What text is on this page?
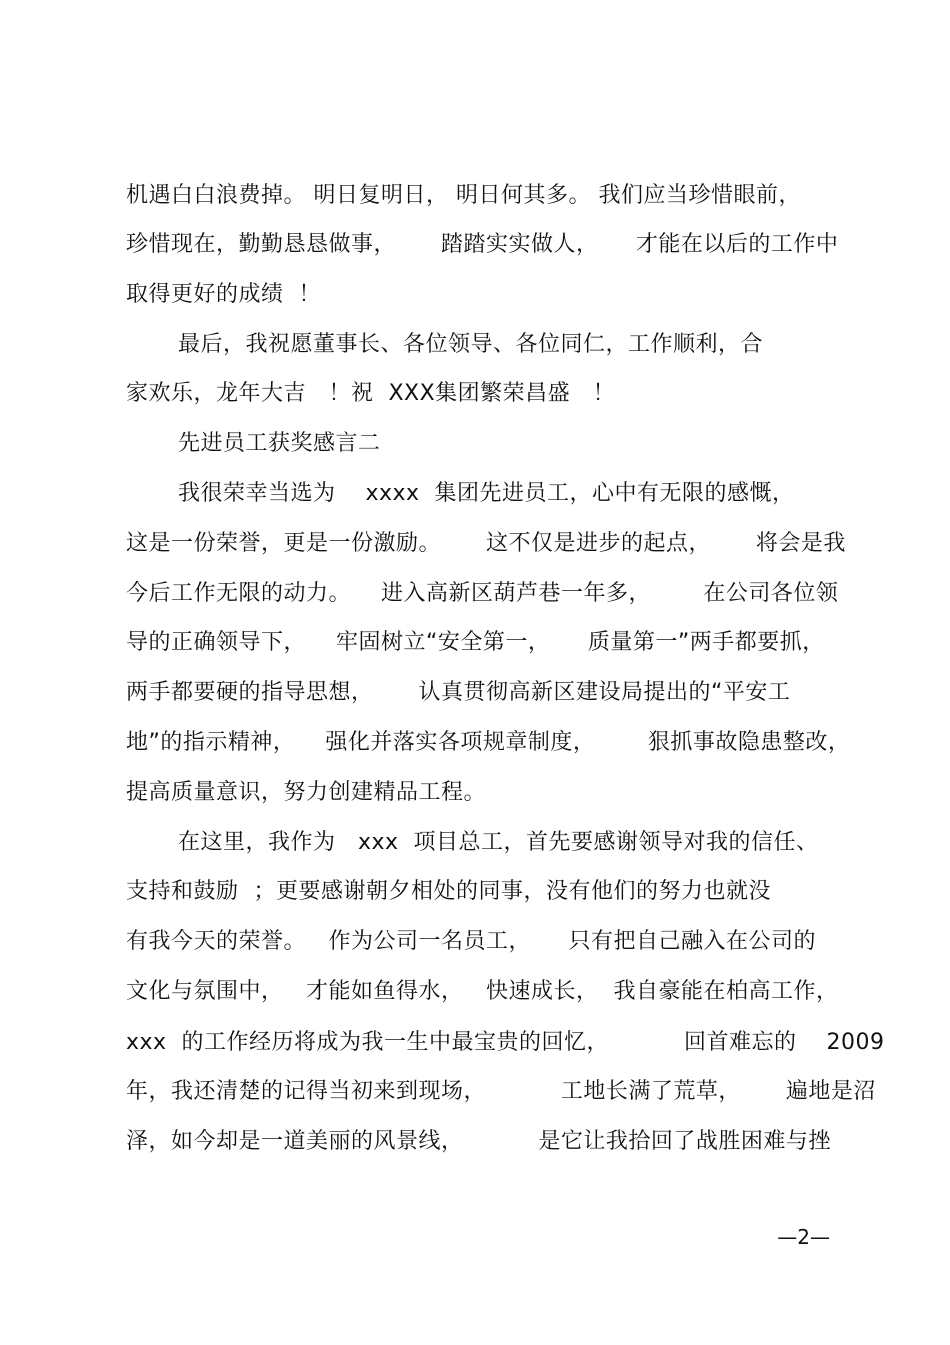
机遇白白浪费掉。 明日复明日， 明日何其多。 我们应当珍惜眼前，
珍惜现在，勤勤恳恳做事，      踏踏实实做人，     才能在以后的工作中
取得更好的成绩  ！
最后，我祝愿董事长、各位领导、各位同仁，工作顺利，合
家欢乐，龙年大吉   ！祝  XXX集团繁荣昌盛   ！
先进员工获奖感言二
我很荣幸当选为    xxxx  集团先进员工，心中有无限的感慨，
这是一份荣誉，更是一份激励。      这不仅是进步的起点，      将会是我
今后工作无限的动力。    进入高新区葫芦巷一年多，       在公司各位领
导的正确领导下，    牢固树立“安全第一，     质量第一”两手都要抓，
两手都要硬的指导思想，      认真贯彻高新区建设局提出的“平安工
地”的指示精神，    强化并落实各项规章制度，       狠抓事故隐患整改，
提高质量意识，努力创建精品工程。
在这里，我作为   xxx  项目总工，首先要感谢领导对我的信任、
支持和鼓励  ；更要感谢朝夕相处的同事，没有他们的努力也就没
有我今天的荣誉。   作为公司一名员工，     只有把自己融入在公司的
文化与氛围中，   才能如鱼得水，   快速成长，  我自豪能在柏高工作，
xxx  的工作经历将成为我一生中最宝贵的回忆，          回首难忘的    2009
年，我还清楚的记得当初来到现场，          工地长满了荒草，      遍地是沼
泽，如今却是一道美丽的风景线，          是它让我拾回了战胜困难与挫
—2—
